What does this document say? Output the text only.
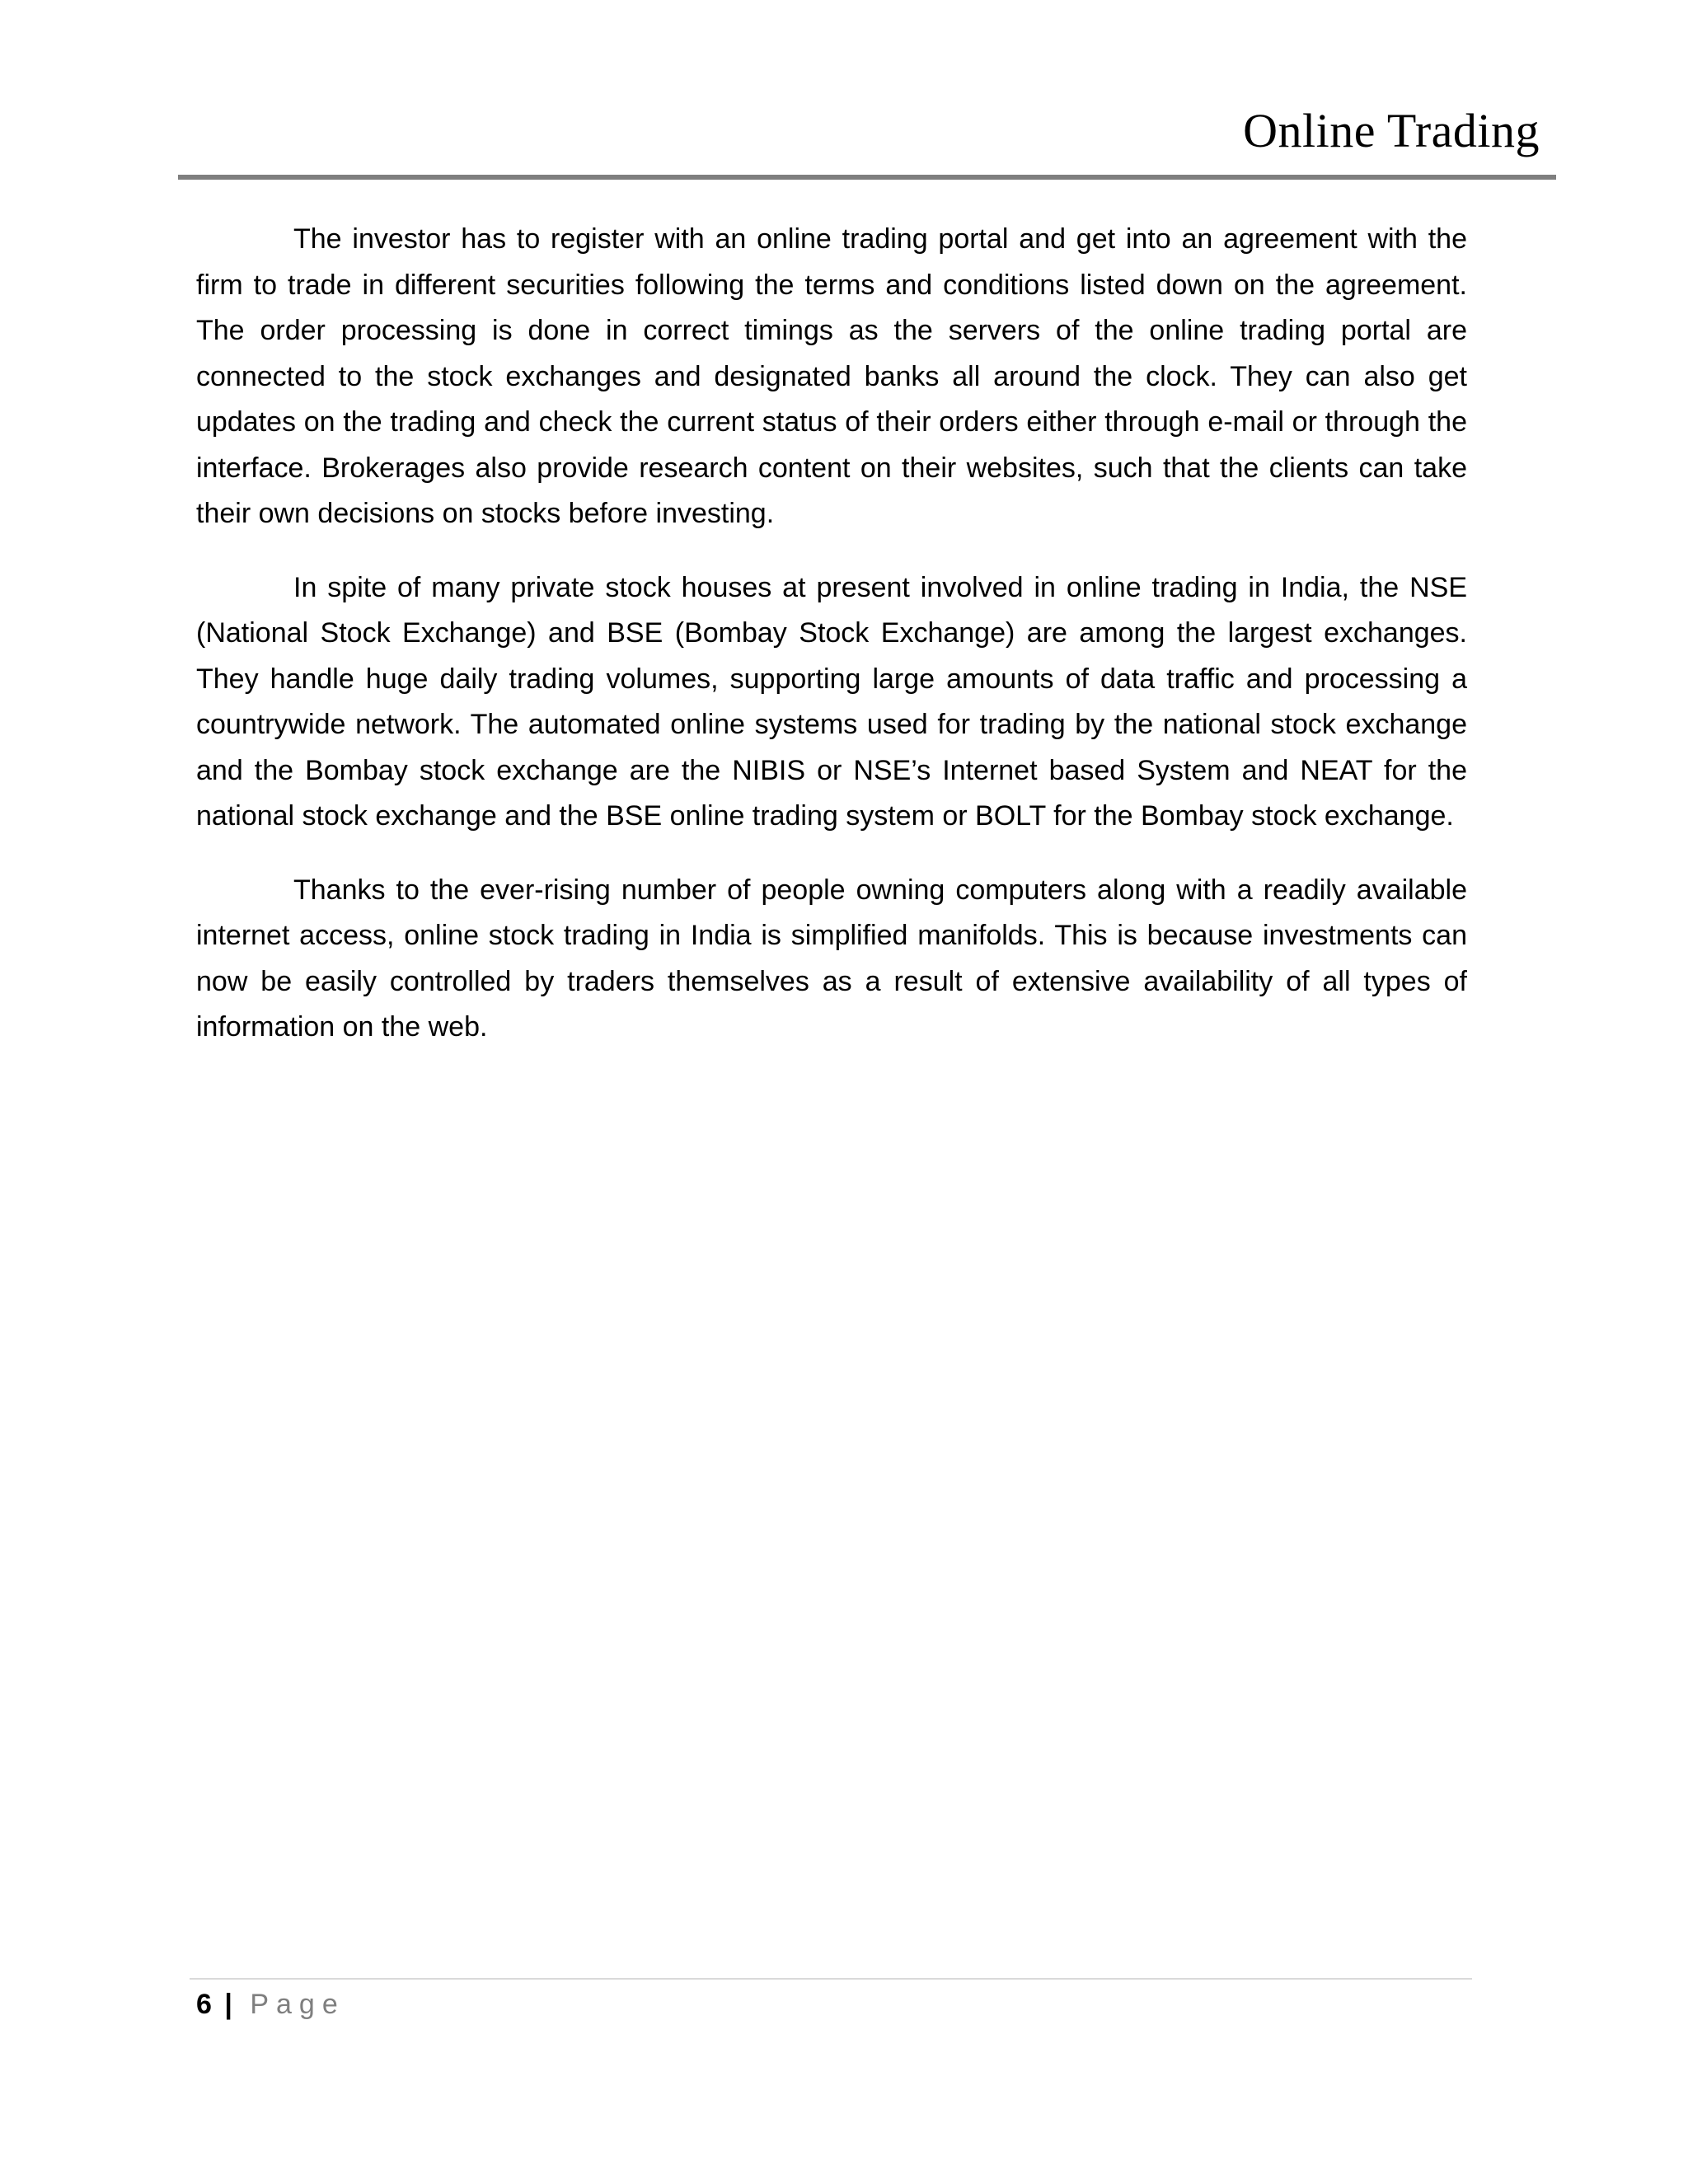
Online Trading

The investor has to register with an online trading portal and get into an agreement with the firm to trade in different securities following the terms and conditions listed down on the agreement. The order processing is done in correct timings as the servers of the online trading portal are connected to the stock exchanges and designated banks all around the clock. They can also get updates on the trading and check the current status of their orders either through e-mail or through the interface. Brokerages also provide research content on their websites, such that the clients can take their own decisions on stocks before investing.

In spite of many private stock houses at present involved in online trading in India, the NSE (National Stock Exchange) and BSE (Bombay Stock Exchange) are among the largest exchanges. They handle huge daily trading volumes, supporting large amounts of data traffic and processing a countrywide network. The automated online systems used for trading by the national stock exchange and the Bombay stock exchange are the NIBIS or NSE’s Internet based System and NEAT for the national stock exchange and the BSE online trading system or BOLT for the Bombay stock exchange.

Thanks to the ever-rising number of people owning computers along with a readily available internet access, online stock trading in India is simplified manifolds. This is because investments can now be easily controlled by traders themselves as a result of extensive availability of all types of information on the web.

6 | Page
